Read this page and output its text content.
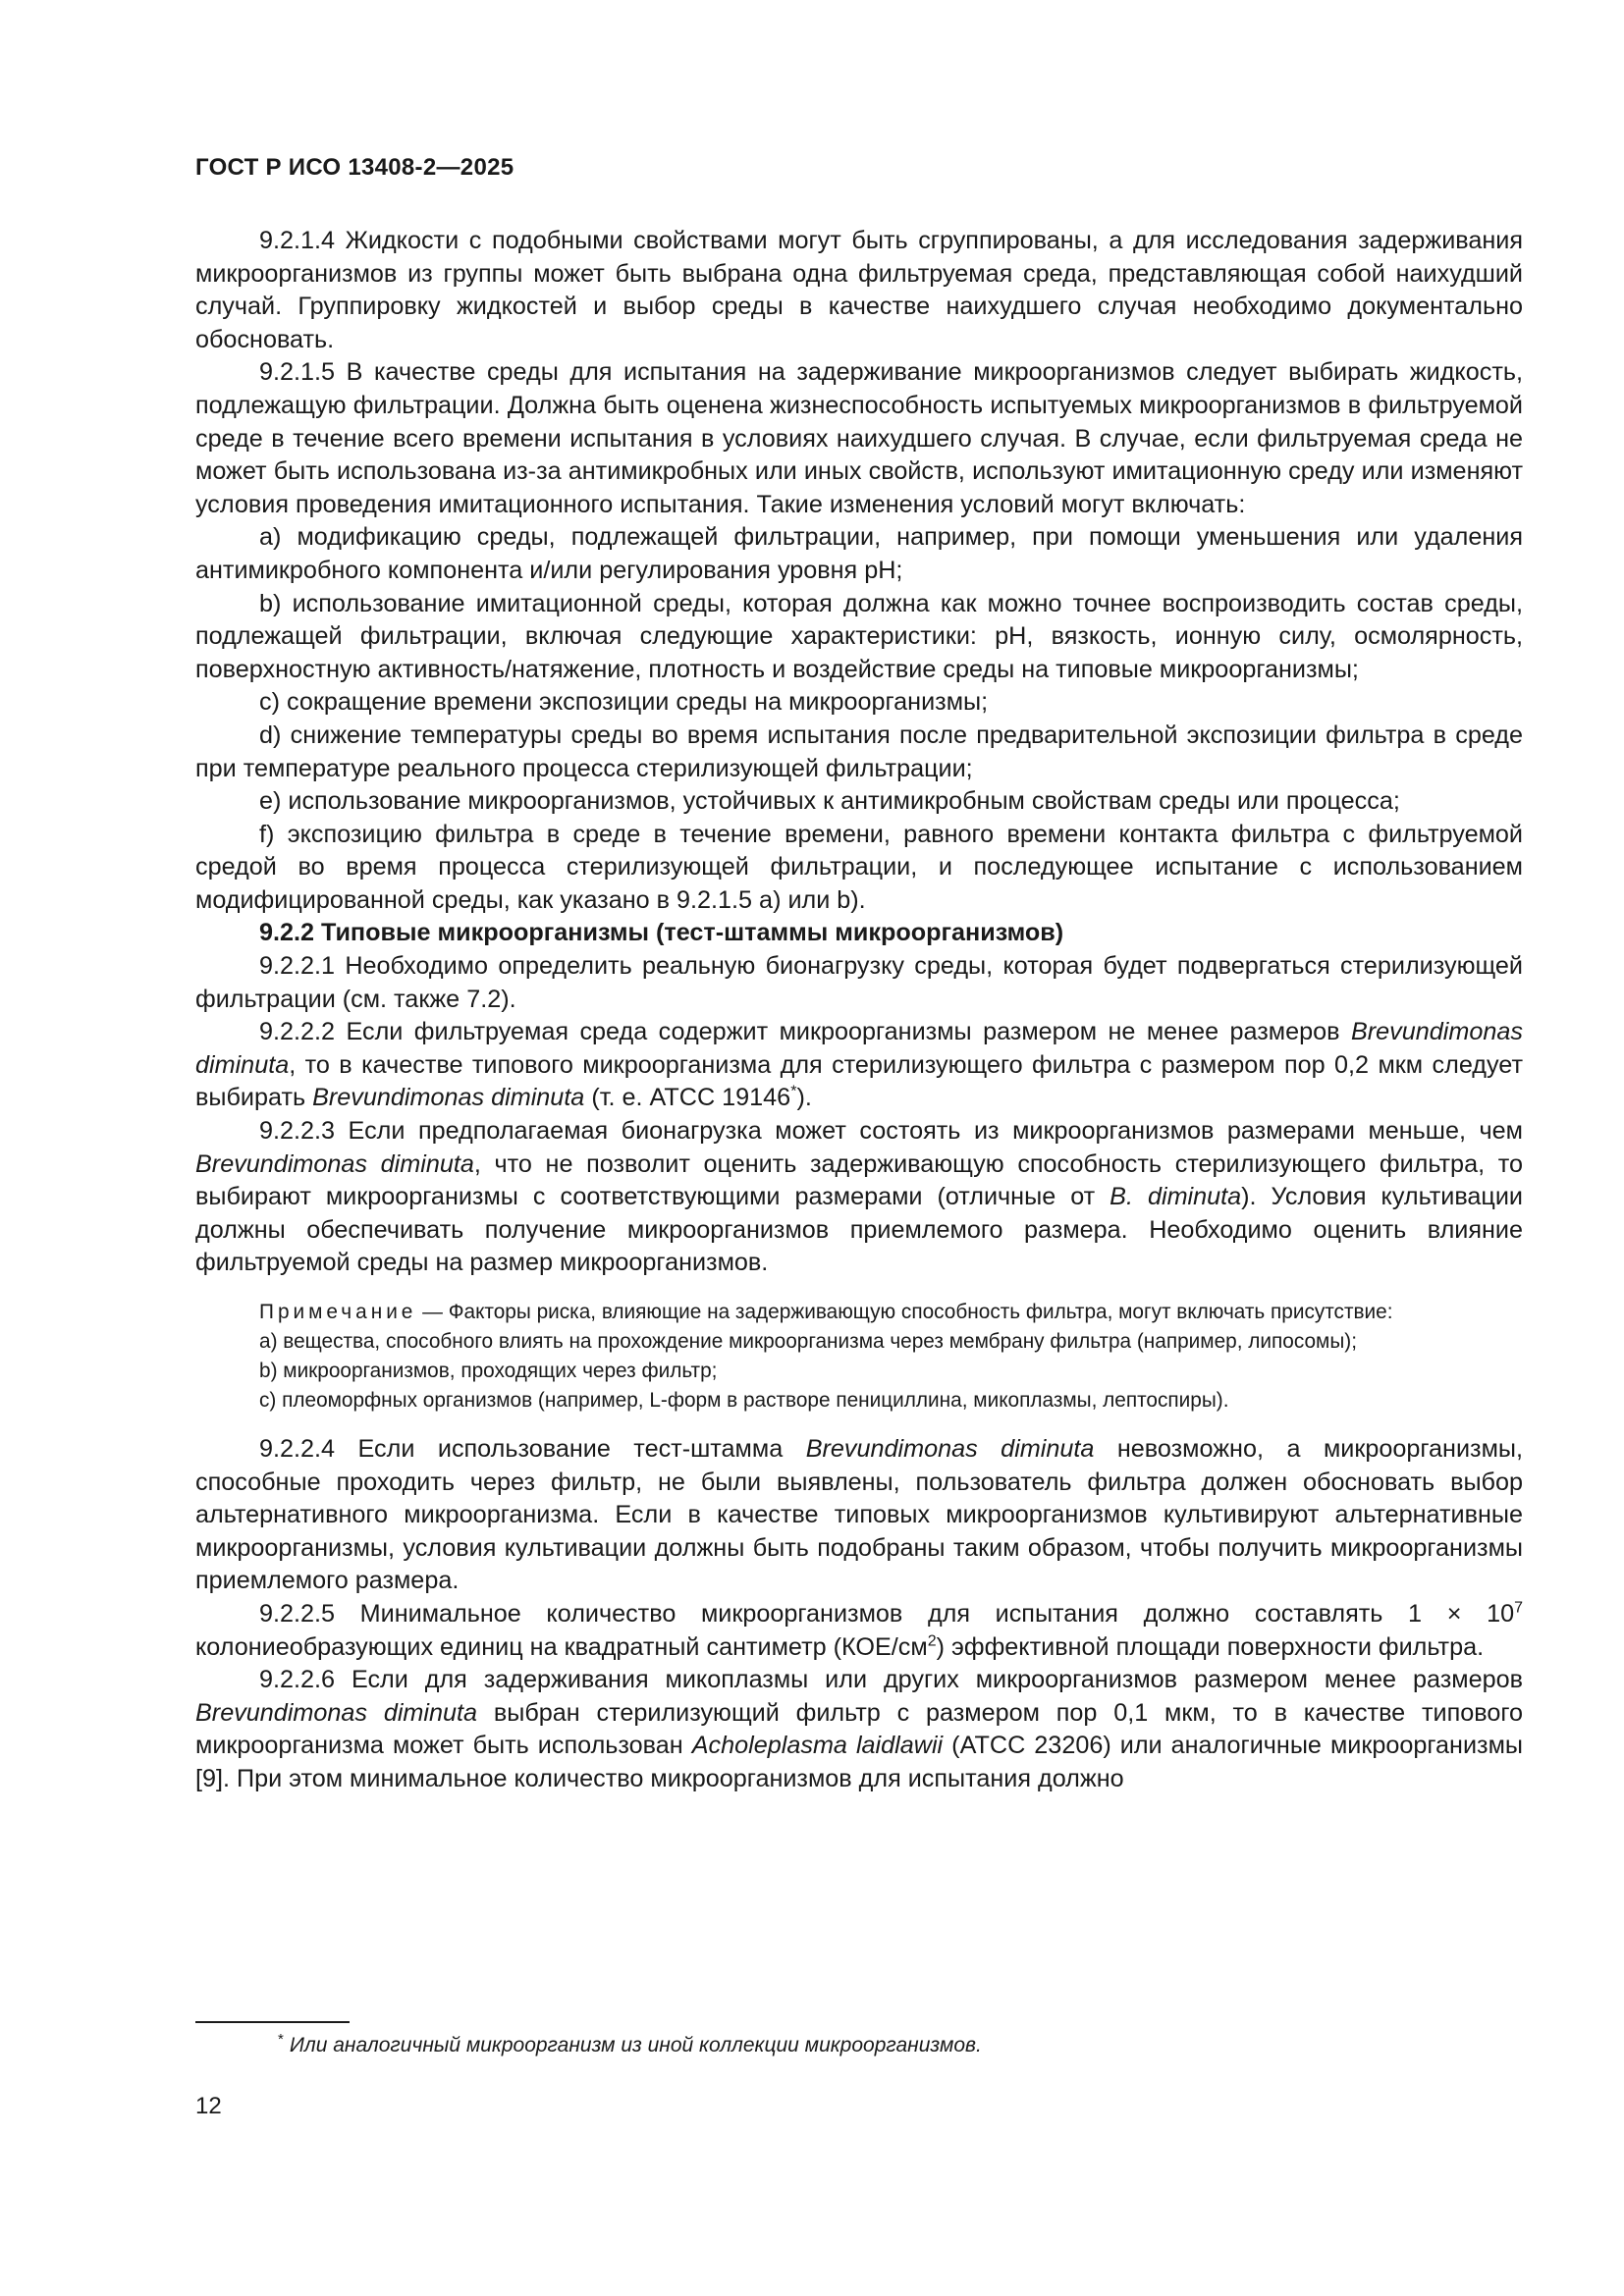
ГОСТ Р ИСО 13408-2—2025

9.2.1.4 Жидкости с подобными свойствами могут быть сгруппированы, а для исследования задерживания микроорганизмов из группы может быть выбрана одна фильтруемая среда, представляющая собой наихудший случай. Группировку жидкостей и выбор среды в качестве наихудшего случая необходимо документально обосновать.

9.2.1.5 В качестве среды для испытания на задерживание микроорганизмов следует выбирать жидкость, подлежащую фильтрации. Должна быть оценена жизнеспособность испытуемых микроорганизмов в фильтруемой среде в течение всего времени испытания в условиях наихудшего случая. В случае, если фильтруемая среда не может быть использована из-за антимикробных или иных свойств, используют имитационную среду или изменяют условия проведения имитационного испытания. Такие изменения условий могут включать:

a) модификацию среды, подлежащей фильтрации, например, при помощи уменьшения или удаления антимикробного компонента и/или регулирования уровня pH;

b) использование имитационной среды, которая должна как можно точнее воспроизводить состав среды, подлежащей фильтрации, включая следующие характеристики: pH, вязкость, ионную силу, осмолярность, поверхностную активность/натяжение, плотность и воздействие среды на типовые микроорганизмы;

c) сокращение времени экспозиции среды на микроорганизмы;

d) снижение температуры среды во время испытания после предварительной экспозиции фильтра в среде при температуре реального процесса стерилизующей фильтрации;

e) использование микроорганизмов, устойчивых к антимикробным свойствам среды или процесса;

f) экспозицию фильтра в среде в течение времени, равного времени контакта фильтра с фильтруемой средой во время процесса стерилизующей фильтрации, и последующее испытание с использованием модифицированной среды, как указано в 9.2.1.5 a) или b).

9.2.2 Типовые микроорганизмы (тест-штаммы микроорганизмов)

9.2.2.1 Необходимо определить реальную бионагрузку среды, которая будет подвергаться стерилизующей фильтрации (см. также 7.2).

9.2.2.2 Если фильтруемая среда содержит микроорганизмы размером не менее размеров Brevundimonas diminuta, то в качестве типового микроорганизма для стерилизующего фильтра с размером пор 0,2 мкм следует выбирать Brevundimonas diminuta (т. е. ATCC 19146*).

9.2.2.3 Если предполагаемая бионагрузка может состоять из микроорганизмов размерами меньше, чем Brevundimonas diminuta, что не позволит оценить задерживающую способность стерилизующего фильтра, то выбирают микроорганизмы с соответствующими размерами (отличные от B. diminuta). Условия культивации должны обеспечивать получение микроорганизмов приемлемого размера. Необходимо оценить влияние фильтруемой среды на размер микроорганизмов.

Примечание — Факторы риска, влияющие на задерживающую способность фильтра, могут включать присутствие:

a) вещества, способного влиять на прохождение микроорганизма через мембрану фильтра (например, липосомы);

b) микроорганизмов, проходящих через фильтр;

c) плеоморфных организмов (например, L-форм в растворе пенициллина, микоплазмы, лептоспиры).

9.2.2.4 Если использование тест-штамма Brevundimonas diminuta невозможно, а микроорганизмы, способные проходить через фильтр, не были выявлены, пользователь фильтра должен обосновать выбор альтернативного микроорганизма. Если в качестве типовых микроорганизмов культивируют альтернативные микроорганизмы, условия культивации должны быть подобраны таким образом, чтобы получить микроорганизмы приемлемого размера.

9.2.2.5 Минимальное количество микроорганизмов для испытания должно составлять $1 \times 10^7$ колониеобразующих единиц на квадратный сантиметр $(КОЕ/см^2)$ эффективной площади поверхности фильтра.

9.2.2.6 Если для задерживания микоплазмы или других микроорганизмов размером менее размеров Brevundimonas diminuta выбран стерилизующий фильтр с размером пор 0,1 мкм, то в качестве типового микроорганизма может быть использован Acholeplasma laidlawii (ATCC 23206) или аналогичные микроорганизмы [9]. При этом минимальное количество микроорганизмов для испытания должно

* Или аналогичный микроорганизм из иной коллекции микроорганизмов.
12
